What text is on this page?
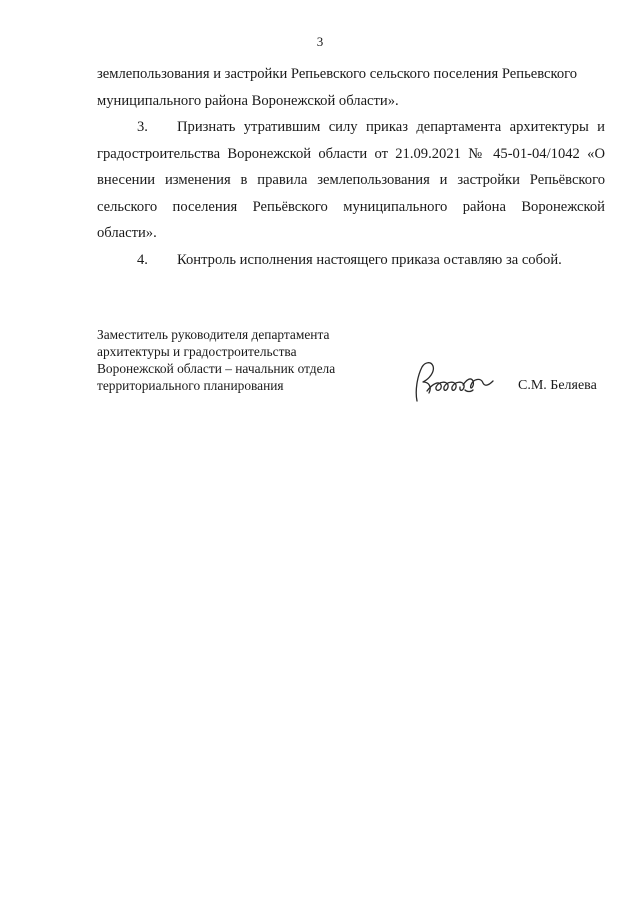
3

землепользования и застройки Репьевского сельского поселения Репьевского

муниципального района Воронежской области».

3. Признать утратившим силу приказ департамента архитектуры и градостроительства Воронежской области от 21.09.2021 № 45-01-04/1042 «О внесении изменения в правила землепользования и застройки Репьёвского сельского поселения Репьёвского муниципального района Воронежской области».

4. Контроль исполнения настоящего приказа оставляю за собой.

Заместитель руководителя департамента
архитектуры и градостроительства
Воронежской области – начальник отдела
территориального планирования	С.М. Беляева
